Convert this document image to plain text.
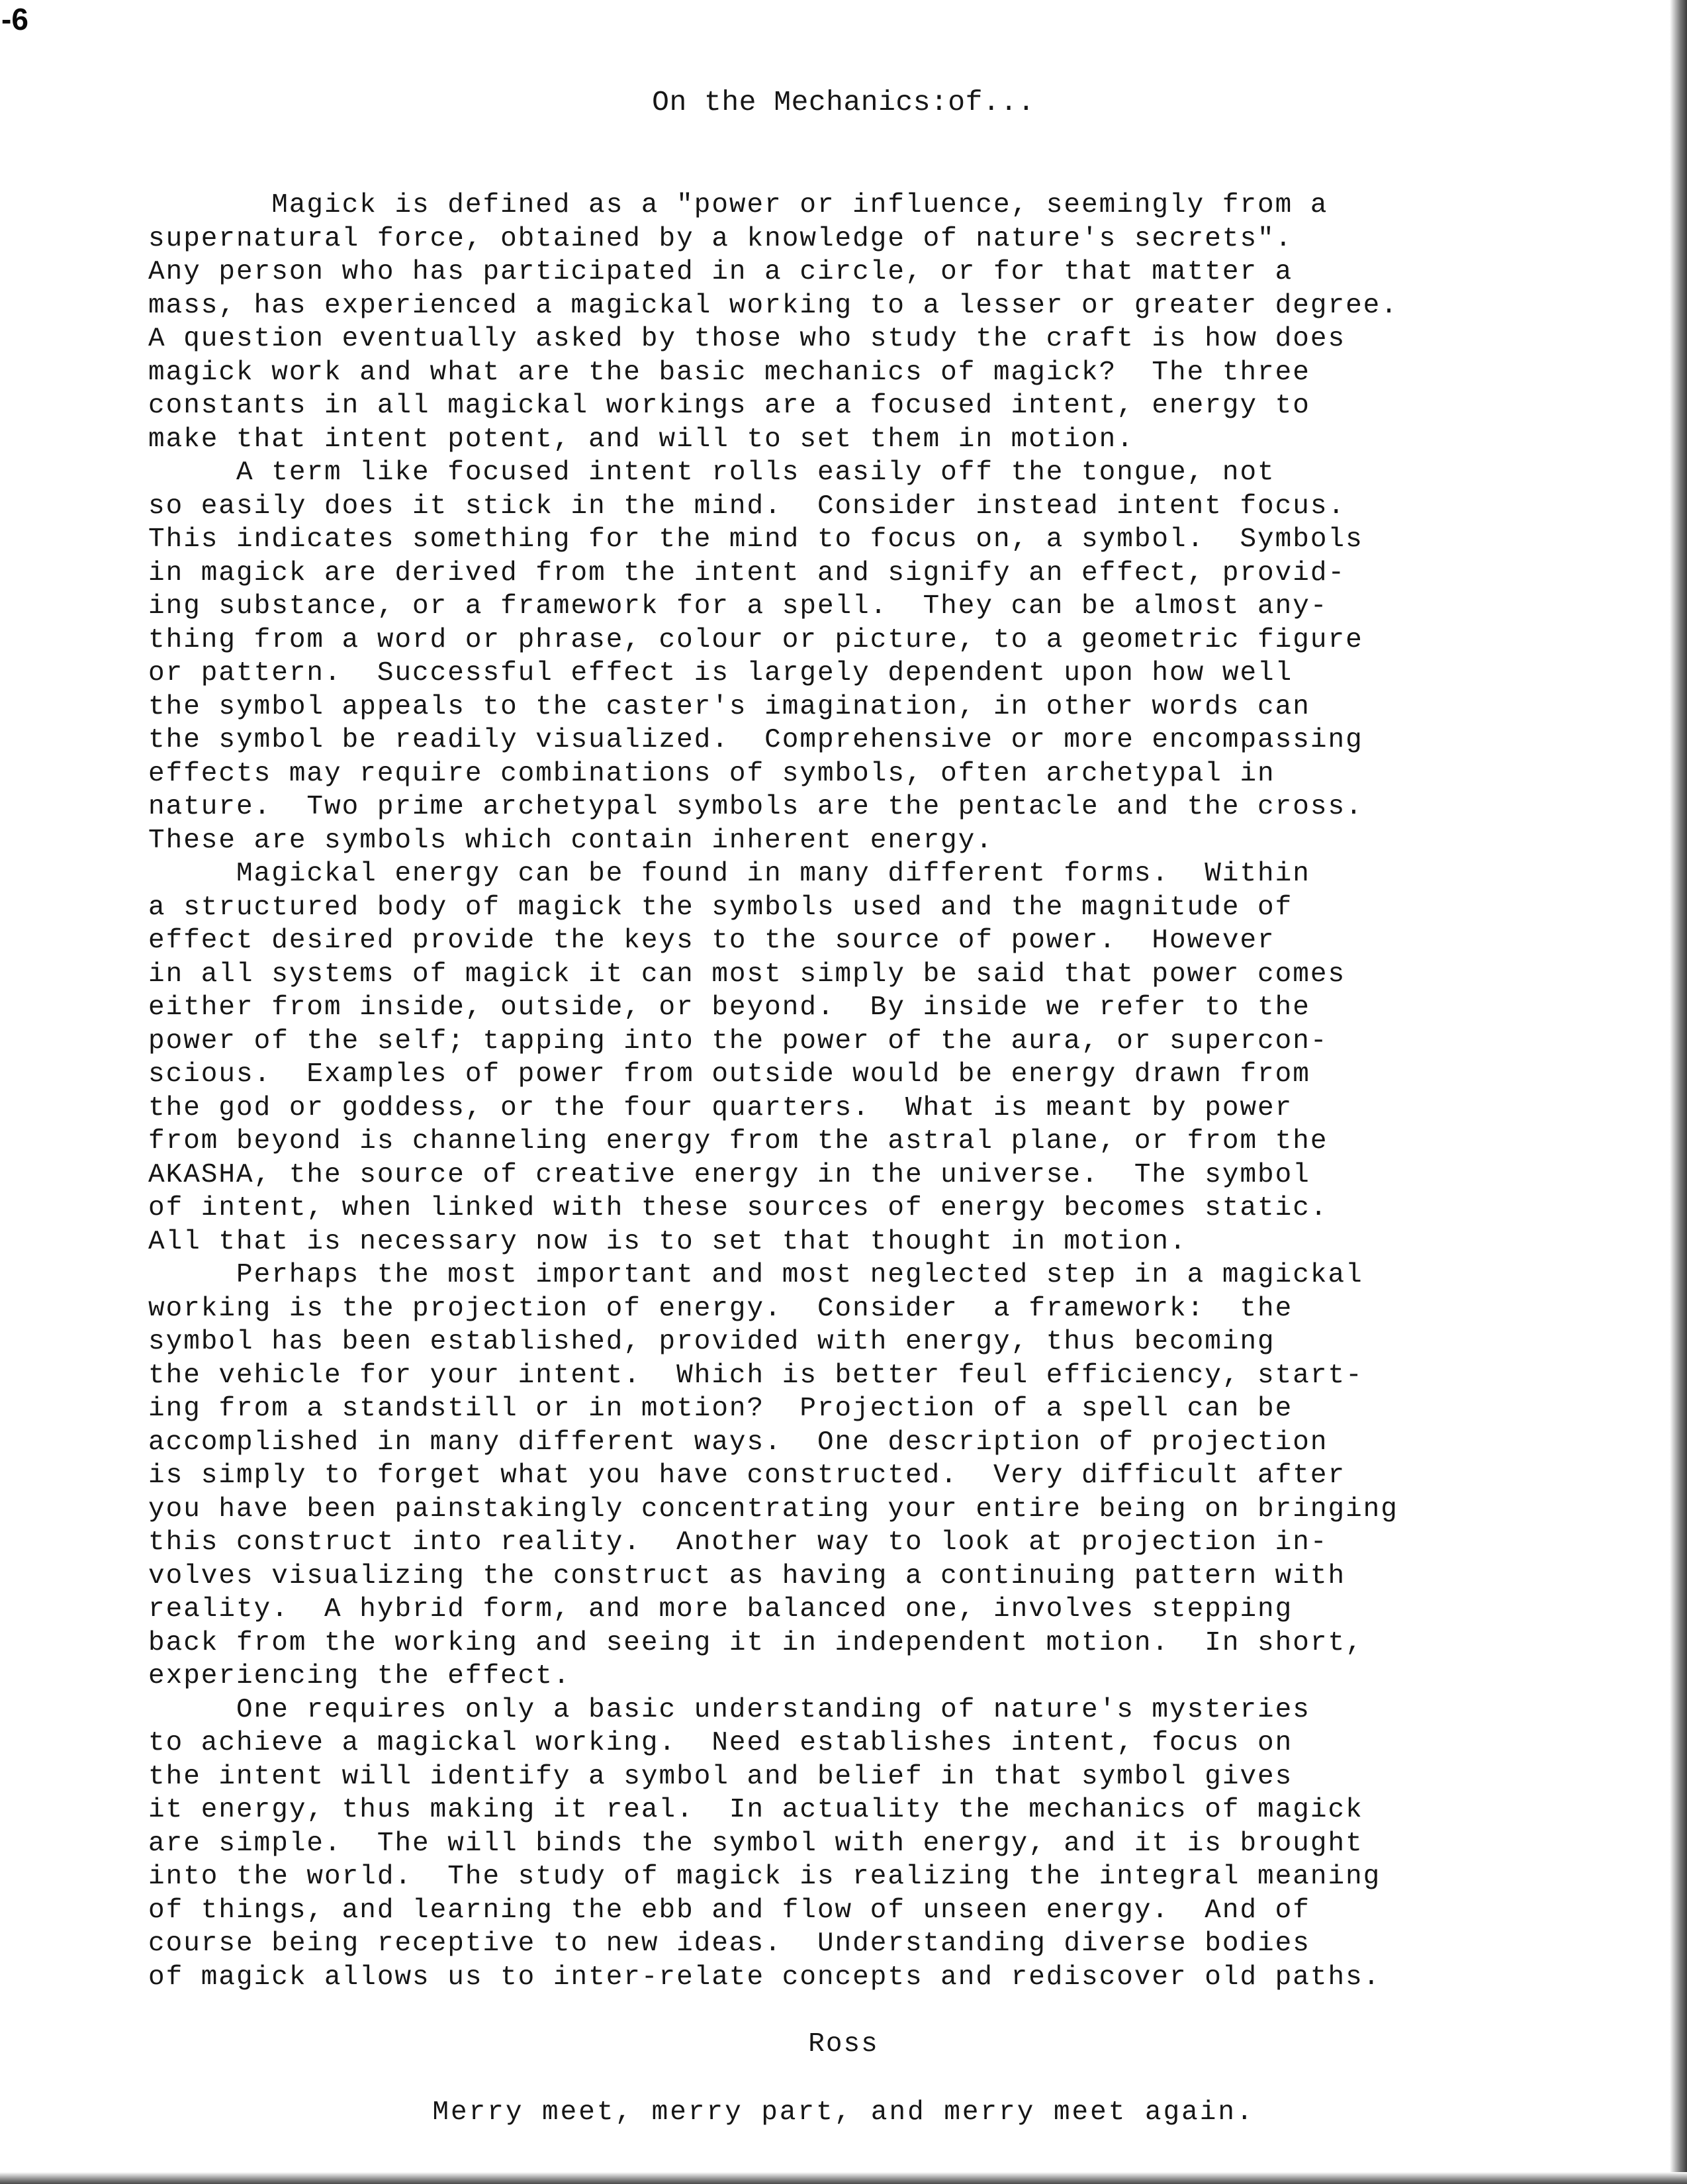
-6
On the Mechanics:of...
Magick is defined as a "power or influence, seemingly from a
supernatural force, obtained by a knowledge of nature's secrets".
Any person who has participated in a circle, or for that matter a
mass, has experienced a magickal working to a lesser or greater degree.
A question eventually asked by those who study the craft is how does
magick work and what are the basic mechanics of magick?  The three
constants in all magickal workings are a focused intent, energy to
make that intent potent, and will to set them in motion.
A term like focused intent rolls easily off the tongue, not
so easily does it stick in the mind.  Consider instead intent focus.
This indicates something for the mind to focus on, a symbol.  Symbols
in magick are derived from the intent and signify an effect, provid-
ing substance, or a framework for a spell.  They can be almost any-
thing from a word or phrase, colour or picture, to a geometric figure
or pattern.  Successful effect is largely dependent upon how well
the symbol appeals to the caster's imagination, in other words can
the symbol be readily visualized.  Comprehensive or more encompassing
effects may require combinations of symbols, often archetypal in
nature.  Two prime archetypal symbols are the pentacle and the cross.
These are symbols which contain inherent energy.
Magickal energy can be found in many different forms.  Within
a structured body of magick the symbols used and the magnitude of
effect desired provide the keys to the source of power.  However
in all systems of magick it can most simply be said that power comes
either from inside, outside, or beyond.  By inside we refer to the
power of the self; tapping into the power of the aura, or supercon-
scious.  Examples of power from outside would be energy drawn from
the god or goddess, or the four quarters.  What is meant by power
from beyond is channeling energy from the astral plane, or from the
AKASHA, the source of creative energy in the universe.  The symbol
of intent, when linked with these sources of energy becomes static.
All that is necessary now is to set that thought in motion.
Perhaps the most important and most neglected step in a magickal
working is the projection of energy.  Consider  a framework:  the
symbol has been established, provided with energy, thus becoming
the vehicle for your intent.  Which is better feul efficiency, start-
ing from a standstill or in motion?  Projection of a spell can be
accomplished in many different ways.  One description of projection
is simply to forget what you have constructed.  Very difficult after
you have been painstakingly concentrating your entire being on bringing
this construct into reality.  Another way to look at projection in-
volves visualizing the construct as having a continuing pattern with
reality.  A hybrid form, and more balanced one, involves stepping
back from the working and seeing it in independent motion.  In short,
experiencing the effect.
One requires only a basic understanding of nature's mysteries
to achieve a magickal working.  Need establishes intent, focus on
the intent will identify a symbol and belief in that symbol gives
it energy, thus making it real.  In actuality the mechanics of magick
are simple.  The will binds the symbol with energy, and it is brought
into the world.  The study of magick is realizing the integral meaning
of things, and learning the ebb and flow of unseen energy.  And of
course being receptive to new ideas.  Understanding diverse bodies
of magick allows us to inter-relate concepts and rediscover old paths.
Ross
Merry meet, merry part, and merry meet again.
